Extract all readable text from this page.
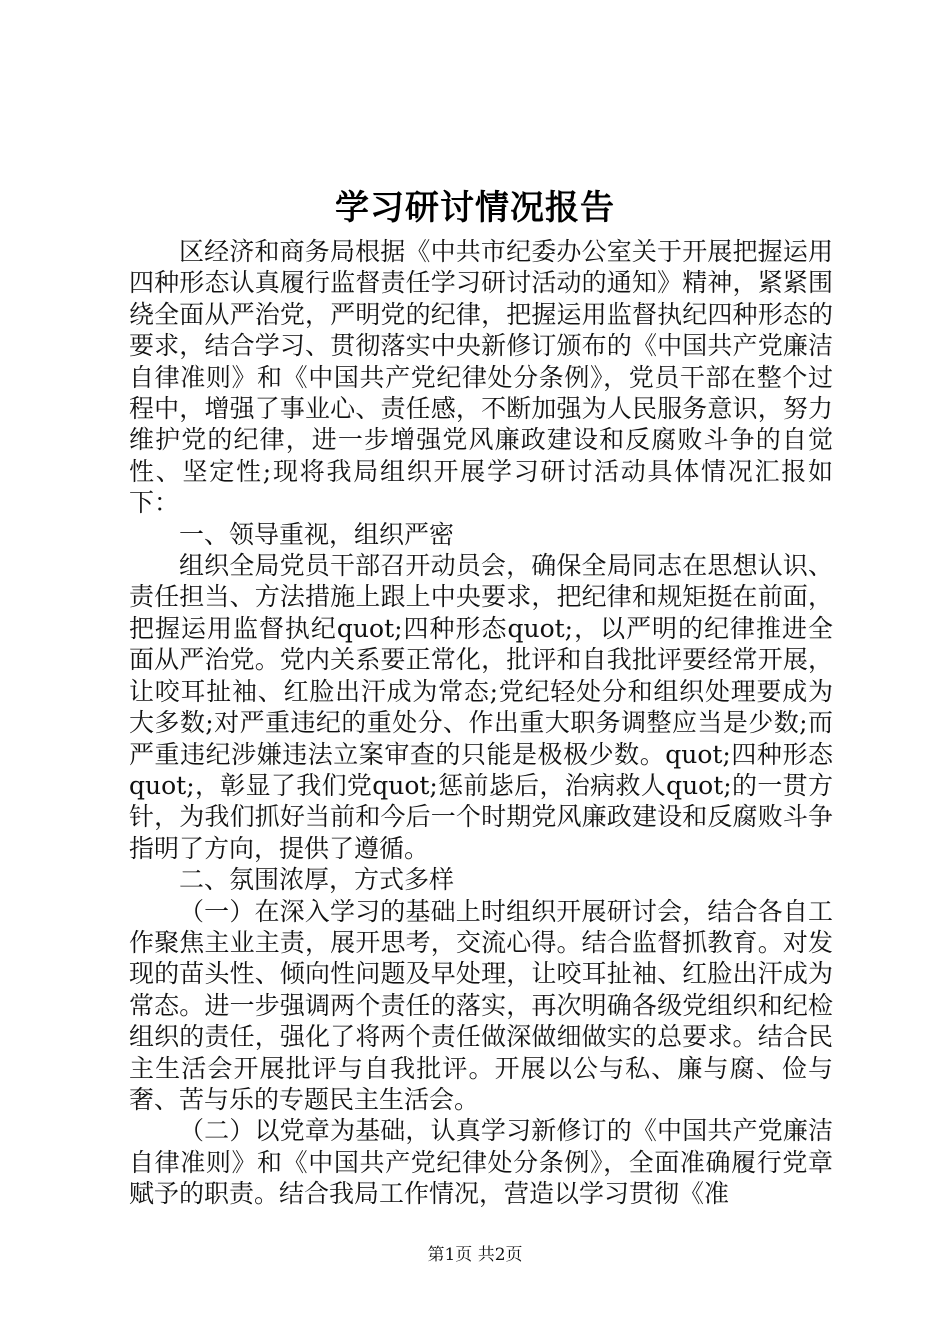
学习研讨情况报告

区经济和商务局根据《中共市纪委办公室关于开展把握运用四种形态认真履行监督责任学习研讨活动的通知》精神，紧紧围绕全面从严治党，严明党的纪律，把握运用监督执纪四种形态的要求，结合学习、贯彻落实中央新修订颁布的《中国共产党廉洁自律准则》和《中国共产党纪律处分条例》，党员干部在整个过程中，增强了事业心、责任感，不断加强为人民服务意识，努力维护党的纪律，进一步增强党风廉政建设和反腐败斗争的自觉性、坚定性;现将我局组织开展学习研讨活动具体情况汇报如下：

一、领导重视，组织严密

组织全局党员干部召开动员会，确保全局同志在思想认识、责任担当、方法措施上跟上中央要求，把纪律和规矩挺在前面，把握运用监督执纪quot;四种形态quot;，以严明的纪律推进全面从严治党。党内关系要正常化，批评和自我批评要经常开展，让咬耳扯袖、红脸出汗成为常态;党纪轻处分和组织处理要成为大多数;对严重违纪的重处分、作出重大职务调整应当是少数;而严重违纪涉嫌违法立案审查的只能是极极少数。quot;四种形态quot;，彰显了我们党quot;惩前毖后，治病救人quot;的一贯方针，为我们抓好当前和今后一个时期党风廉政建设和反腐败斗争指明了方向，提供了遵循。

二、氛围浓厚，方式多样

（一）在深入学习的基础上时组织开展研讨会，结合各自工作聚焦主业主责，展开思考，交流心得。结合监督抓教育。对发现的苗头性、倾向性问题及早处理，让咬耳扯袖、红脸出汗成为常态。进一步强调两个责任的落实，再次明确各级党组织和纪检组织的责任，强化了将两个责任做深做细做实的总要求。结合民主生活会开展批评与自我批评。开展以公与私、廉与腐、俭与奢、苦与乐的专题民主生活会。

（二）以党章为基础，认真学习新修订的《中国共产党廉洁自律准则》和《中国共产党纪律处分条例》，全面准确履行党章赋予的职责。结合我局工作情况，营造以学习贯彻《准

第1页 共2页
